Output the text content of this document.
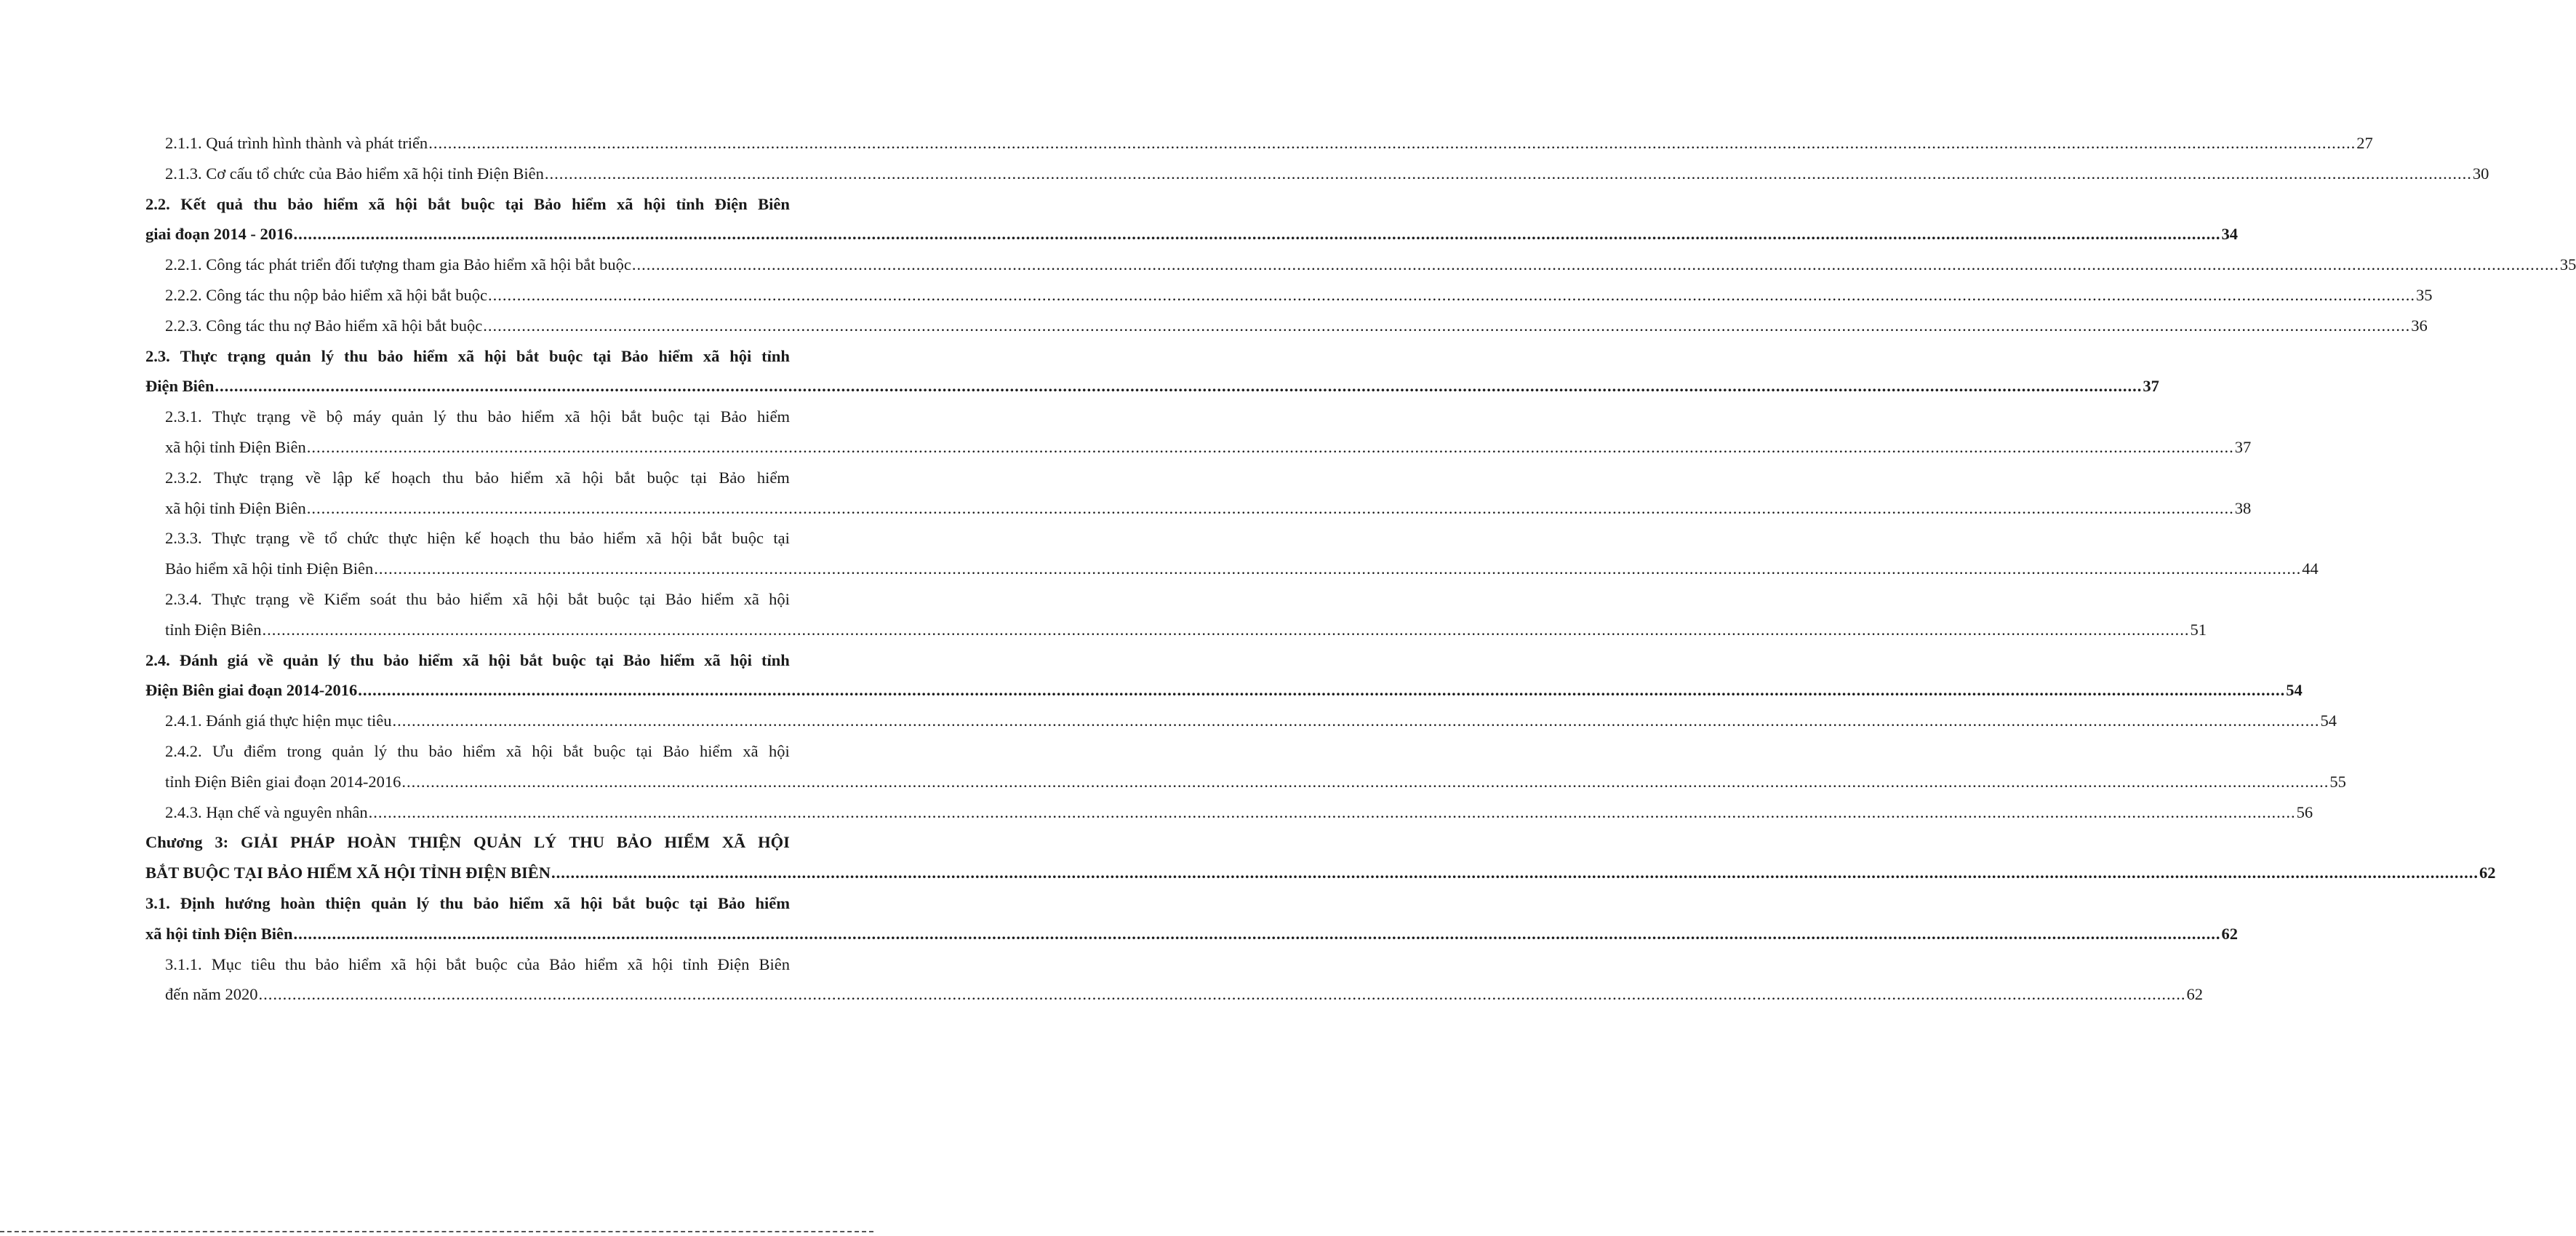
2.1.1. Quá trình hình thành và phát triển ................................................................................................................................................................................................................................................................................................................................................................................................................ 27
2.1.3. Cơ cấu tổ chức của Bảo hiểm xã hội tỉnh Điện Biên ................................................................................................................................................................................................................................................................................................................................................................................................................ 30
2.2. Kết quả thu bảo hiểm xã hội bắt buộc tại Bảo hiểm xã hội tỉnh Điện Biên
giai đoạn 2014 - 2016 ................................................................................................................................................................................................................................................................................................................................................................................................................ 34
2.2.1. Công tác phát triển đối tượng tham gia Bảo hiểm xã hội bắt buộc ................................................................................................................................................................................................................................................................................................................................................................................................................ 35
2.2.2. Công tác thu nộp bảo hiểm xã hội bắt buộc ................................................................................................................................................................................................................................................................................................................................................................................................................ 35
2.2.3. Công tác thu nợ Bảo hiểm xã hội bắt buộc ................................................................................................................................................................................................................................................................................................................................................................................................................ 36
2.3. Thực trạng quản lý thu bảo hiểm xã hội bắt buộc tại Bảo hiểm xã hội tỉnh
Điện Biên ................................................................................................................................................................................................................................................................................................................................................................................................................ 37
2.3.1. Thực trạng về bộ máy quản lý thu bảo hiểm xã hội bắt buộc tại Bảo hiểm
xã hội tỉnh Điện Biên ................................................................................................................................................................................................................................................................................................................................................................................................................ 37
2.3.2. Thực trạng về lập kế hoạch thu bảo hiểm xã hội bắt buộc tại Bảo hiểm
xã hội tỉnh Điện Biên ................................................................................................................................................................................................................................................................................................................................................................................................................ 38
2.3.3. Thực trạng về tổ chức thực hiện kế hoạch thu bảo hiểm xã hội bắt buộc tại
Bảo hiểm xã hội tỉnh Điện Biên ................................................................................................................................................................................................................................................................................................................................................................................................................ 44
2.3.4. Thực trạng về Kiểm soát thu bảo hiểm xã hội bắt buộc tại Bảo hiểm xã hội
tỉnh Điện Biên ................................................................................................................................................................................................................................................................................................................................................................................................................ 51
2.4. Đánh giá về quản lý thu bảo hiểm xã hội bắt buộc tại Bảo hiểm xã hội tỉnh
Điện Biên giai đoạn 2014-2016 ................................................................................................................................................................................................................................................................................................................................................................................................................ 54
2.4.1. Đánh giá thực hiện mục tiêu ................................................................................................................................................................................................................................................................................................................................................................................................................ 54
2.4.2. Ưu điểm trong quản lý thu bảo hiểm xã hội bắt buộc tại Bảo hiểm xã hội
tỉnh Điện Biên giai đoạn 2014-2016 ................................................................................................................................................................................................................................................................................................................................................................................................................ 55
2.4.3. Hạn chế và nguyên nhân ................................................................................................................................................................................................................................................................................................................................................................................................................ 56
Chương 3: GIẢI PHÁP HOÀN THIỆN QUẢN LÝ THU BẢO HIỂM XÃ HỘI
BẮT BUỘC TẠI BẢO HIỂM XÃ HỘI TỈNH ĐIỆN BIÊN ................................................................................................................................................................................................................................................................................................................................................................................................................ 62
3.1. Định hướng hoàn thiện quản lý thu bảo hiểm xã hội bắt buộc tại Bảo hiểm
xã hội tỉnh Điện Biên ................................................................................................................................................................................................................................................................................................................................................................................................................ 62
3.1.1. Mục tiêu thu bảo hiểm xã hội bắt buộc của Bảo hiểm xã hội tỉnh Điện Biên
đến năm 2020 ................................................................................................................................................................................................................................................................................................................................................................................................................ 62
